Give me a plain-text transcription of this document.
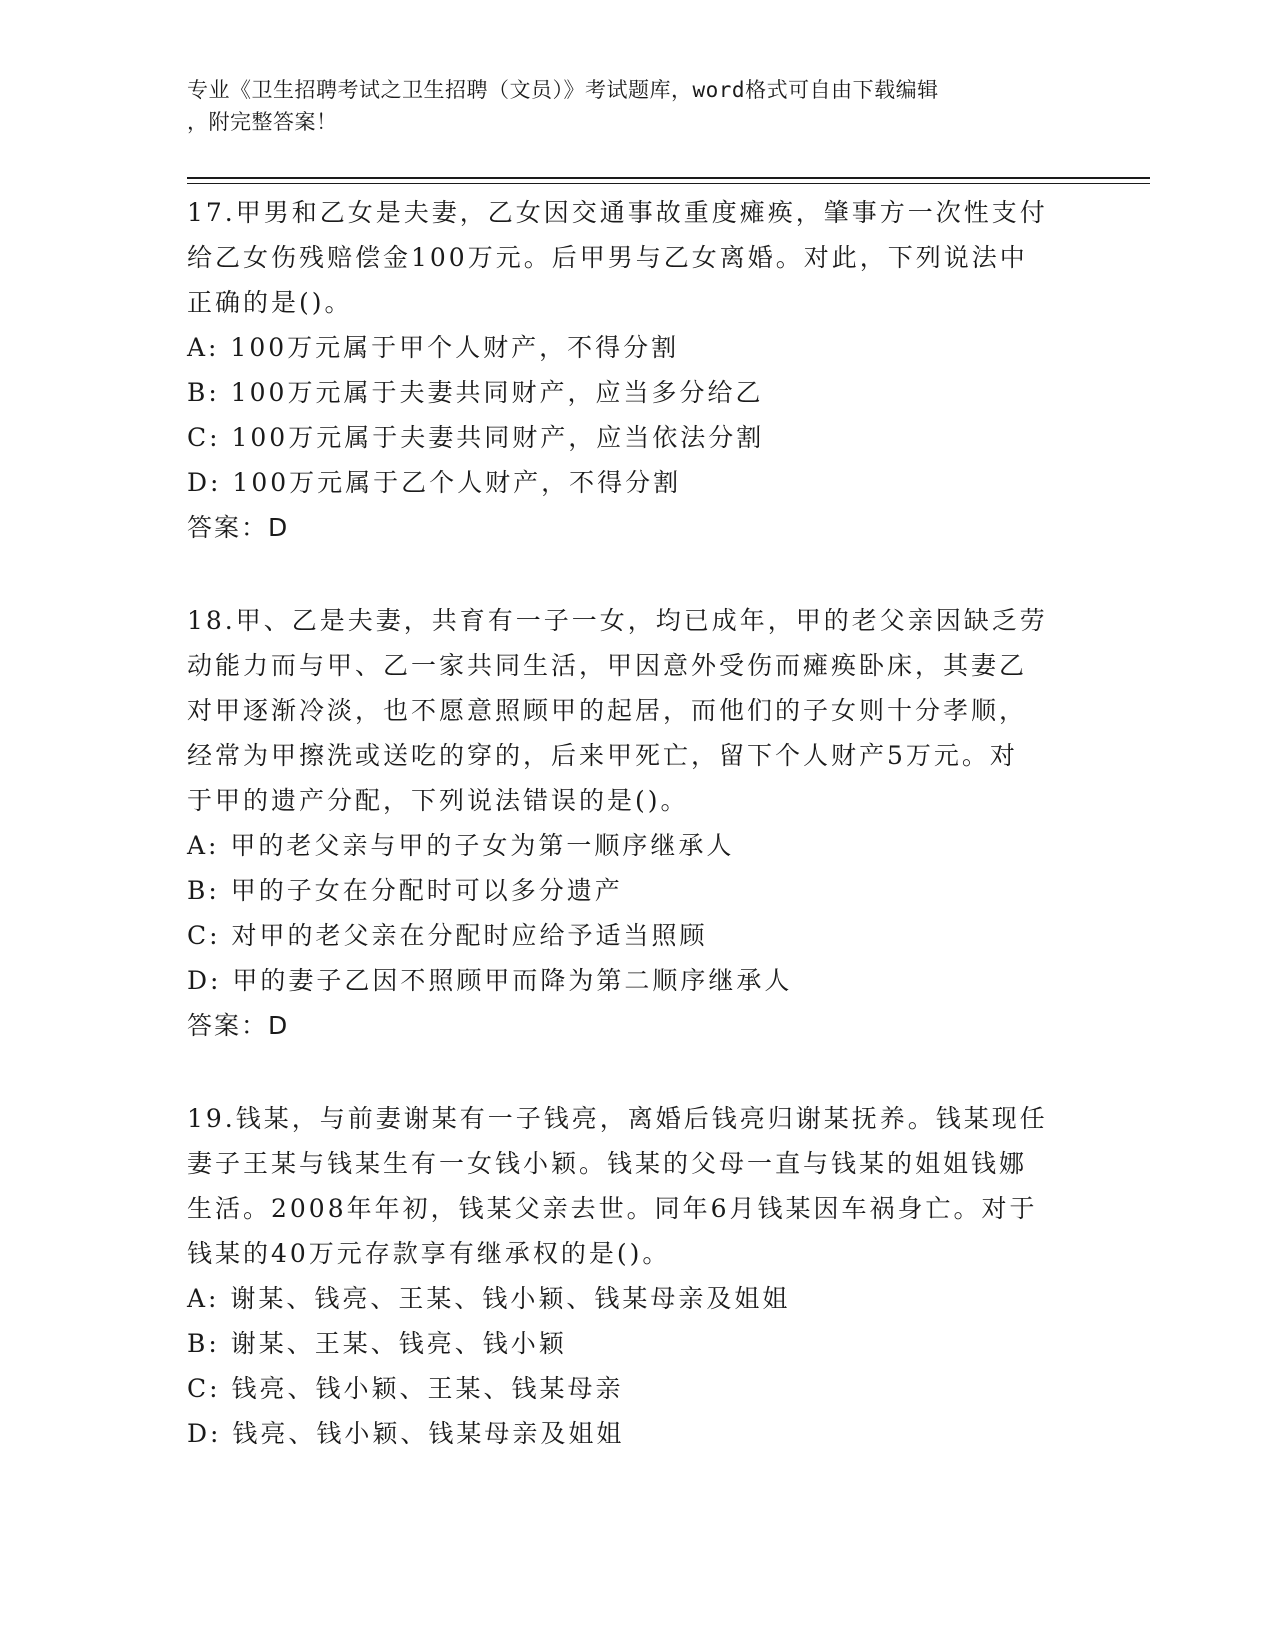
专业《卫生招聘考试之卫生招聘（文员）》考试题库，word格式可自由下载编辑

，附完整答案！

17.甲男和乙女是夫妻，乙女因交通事故重度瘫痪，肇事方一次性支付
给乙女伤残赔偿金100万元。后甲男与乙女离婚。对此，下列说法中
正确的是()。
A: 100万元属于甲个人财产，不得分割
B: 100万元属于夫妻共同财产，应当多分给乙
C: 100万元属于夫妻共同财产，应当依法分割
D: 100万元属于乙个人财产，不得分割
答案：D
18.甲、乙是夫妻，共育有一子一女，均已成年，甲的老父亲因缺乏劳
动能力而与甲、乙一家共同生活，甲因意外受伤而瘫痪卧床，其妻乙
对甲逐渐冷淡，也不愿意照顾甲的起居，而他们的子女则十分孝顺，
经常为甲擦洗或送吃的穿的，后来甲死亡，留下个人财产5万元。对
于甲的遗产分配，下列说法错误的是()。
A: 甲的老父亲与甲的子女为第一顺序继承人
B: 甲的子女在分配时可以多分遗产
C: 对甲的老父亲在分配时应给予适当照顾
D: 甲的妻子乙因不照顾甲而降为第二顺序继承人
答案：D
19.钱某，与前妻谢某有一子钱亮，离婚后钱亮归谢某抚养。钱某现任
妻子王某与钱某生有一女钱小颖。钱某的父母一直与钱某的姐姐钱娜
生活。2008年年初，钱某父亲去世。同年6月钱某因车祸身亡。对于
钱某的40万元存款享有继承权的是()。
A: 谢某、钱亮、王某、钱小颖、钱某母亲及姐姐
B: 谢某、王某、钱亮、钱小颖
C: 钱亮、钱小颖、王某、钱某母亲
D: 钱亮、钱小颖、钱某母亲及姐姐
